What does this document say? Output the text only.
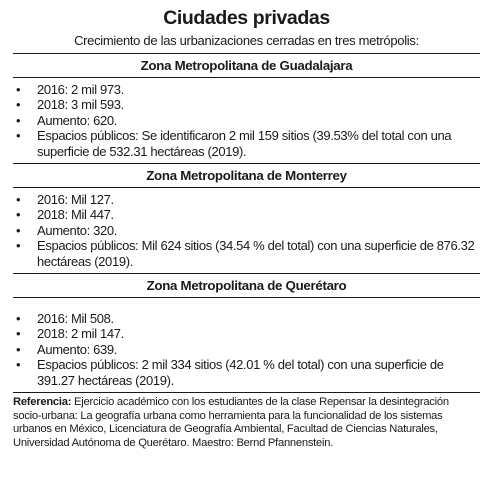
Ciudades privadas
Crecimiento de las urbanizaciones cerradas en tres metrópolis:
Zona Metropolitana de Guadalajara
• 2016: 2 mil 973.
• 2018: 3 mil 593.
• Aumento: 620.
• Espacios públicos: Se identificaron 2 mil 159 sitios (39.53% del total con una superficie de 532.31 hectáreas (2019).
Zona Metropolitana de Monterrey
• 2016: Mil 127.
• 2018: Mil 447.
• Aumento: 320.
• Espacios públicos: Mil 624 sitios (34.54 % del total) con una superficie de 876.32 hectáreas (2019).
Zona Metropolitana de Querétaro
• 2016: Mil 508.
• 2018: 2 mil 147.
• Aumento: 639.
• Espacios públicos: 2 mil 334 sitios (42.01 % del total) con una superficie de 391.27 hectáreas (2019).
Referencia: Ejercicio académico con los estudiantes de la clase Repensar la desintegración socio-urbana: La geografía urbana como herramienta para la funcionalidad de los sistemas urbanos en México, Licenciatura de Geografía Ambiental, Facultad de Ciencias Naturales, Universidad Autónoma de Querétaro. Maestro: Bernd Pfannenstein.
